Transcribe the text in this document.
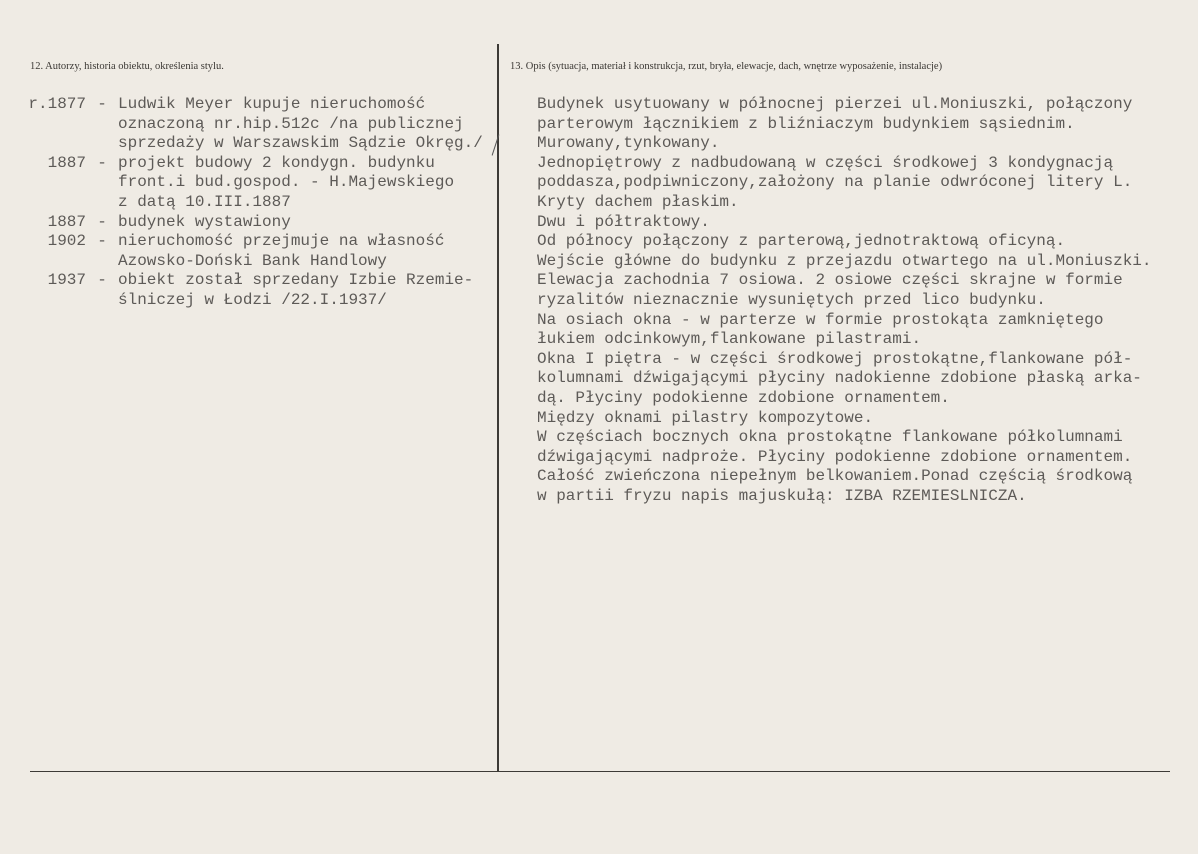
12. Autorzy, historia obiektu, określenia stylu.	13. Opis (sytuacja, materiał i konstrukcja, rzut, bryła, elewacje, dach, wnętrze wyposażenie, instalacje)
r.1877 - Ludwik Meyer kupuje nieruchomość
oznaczoną nr.hip.512c /na publicznej
sprzedaży w Warszawskim Sądzie Okręg./
1887 - projekt budowy 2 kondygn. budynku
front.i bud.gospod. - H.Majewskiego
z datą 10.III.1887
1887 - budynek wystawiony
1902 - nieruchomość przejmuje na własność
Azowsko-Doński Bank Handlowy
1937 - obiekt został sprzedany Izbie Rzemie-
ślniczej w Łodzi /22.I.1937/
Budynek usytuowany w północnej pierzei ul.Moniuszki, połączony
parterowym łącznikiem z bliźniaczym budynkiem sąsiednim.
Murowany,tynkowany.
Jednopiętrowy z nadbudowaną w części środkowej 3 kondygnacją
poddasza,podpiwniczony,założony na planie odwróconej litery L.
Kryty dachem płaskim.
Dwu i półtraktowy.
Od północy połączony z parterową,jednotraktową oficyną.
Wejście główne do budynku z przejazdu otwartego na ul.Moniuszki.
Elewacja zachodnia 7 osiowa. 2 osiowe części skrajne w formie
ryzalitów nieznacznie wysuniętych przed lico budynku.
Na osiach okna - w parterze w formie prostokąta zamkniętego
łukiem odcinkowym,flankowane pilastrami.
Okna I piętra - w części środkowej prostokątne,flankowane pół-
kolumnami dźwigającymi płyciny nadokienne zdobione płaską arka-
dą. Płyciny podokienne zdobione ornamentem.
Między oknami pilastry kompozytowe.
W częściach bocznych okna prostokątne flankowane półkolumnami
dźwigającymi nadproże. Płyciny podokienne zdobione ornamentem.
Całość zwieńczona niepełnym belkowaniem.Ponad częścią środkową
w partii fryzu napis majuskułą: IZBA RZEMIESLNICZA.
